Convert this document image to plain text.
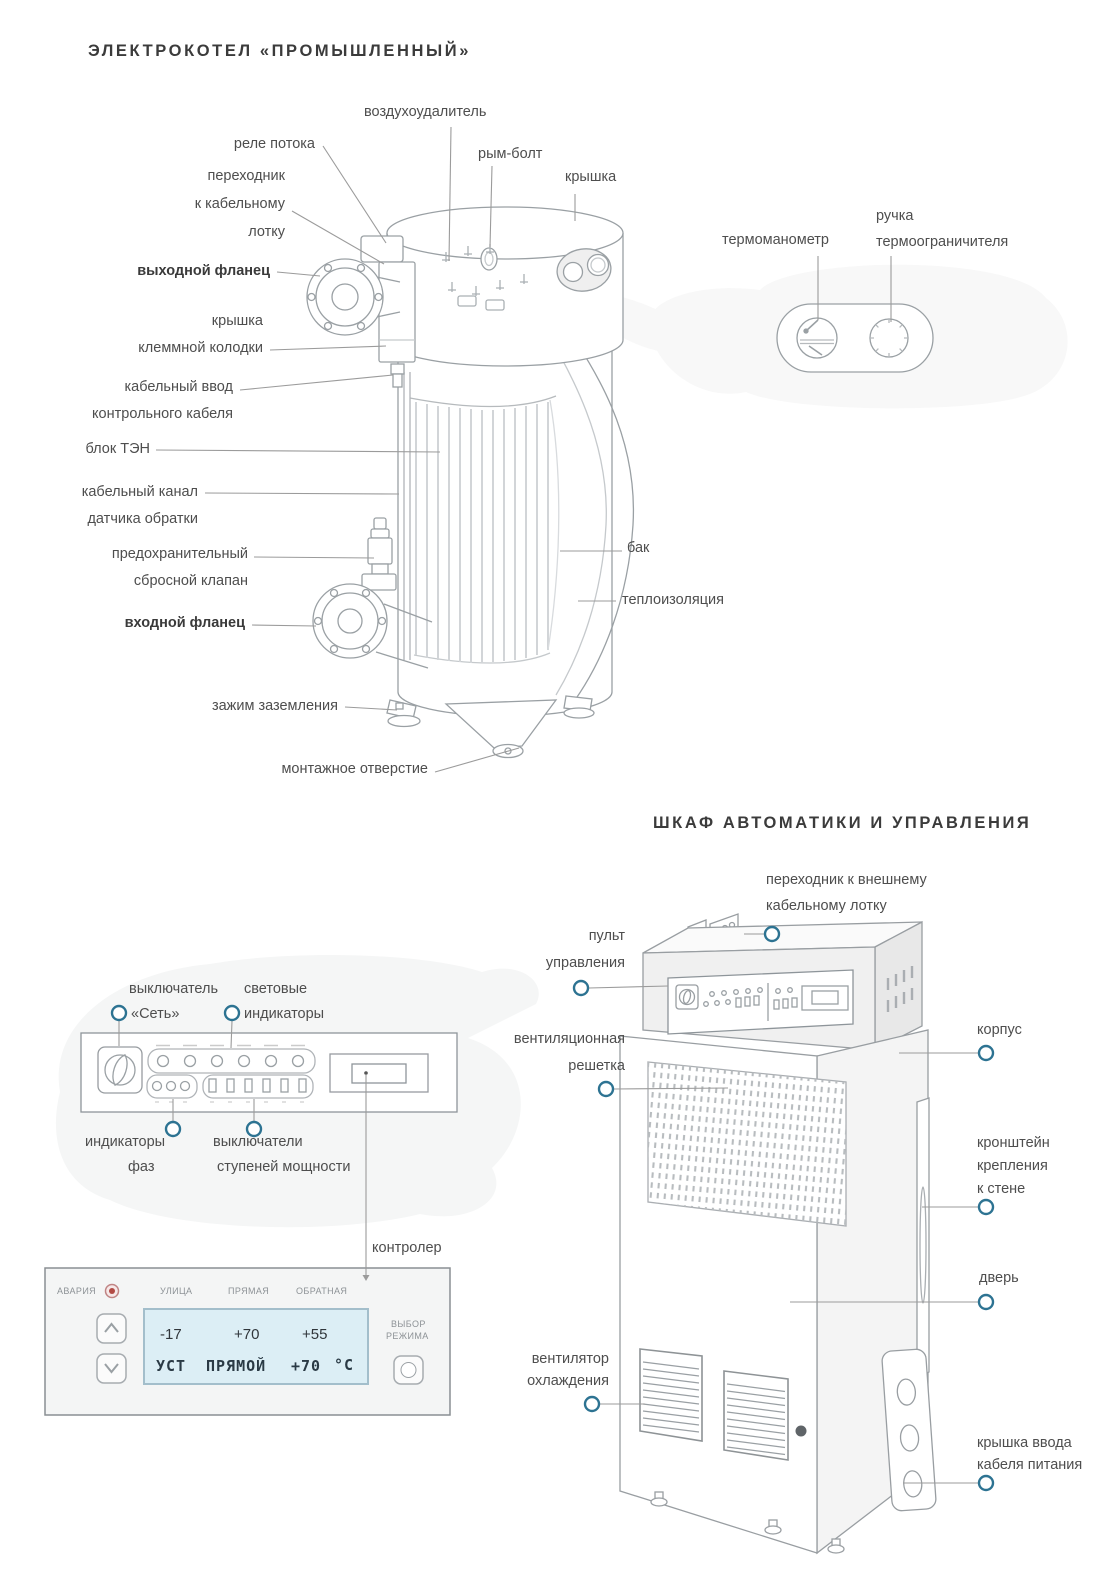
ЭЛЕКТРОКОТЕЛ «ПРОМЫШЛЕННЫЙ»
воздухоудалитель
реле потока
переходник
к кабельному
лотку
выходной фланец
крышка
клеммной колодки
кабельный ввод
контрольного кабеля
блок ТЭН
кабельный канал
датчика обратки
предохранительный
сбросной клапан
входной фланец
зажим заземления
монтажное отверстие
рым-болт
крышка
бак
теплоизоляция
термоманометр
ручка
термоограничителя
ШКАФ АВТОМАТИКИ И УПРАВЛЕНИЯ
переходник к внешнему
кабельному лотку
пульт
управления
вентиляционная
решетка
корпус
кронштейн
крепления
к стене
дверь
вентилятор
охлаждения
крышка ввода
кабеля питания
выключатель
«Сеть»
световые
индикаторы
индикаторы
фаз
выключатели
ступеней мощности
контролер
АВАРИЯ	УЛИЦА	ПРЯМАЯ	ОБРАТНАЯ
-17	+70	+55
УСТ ПРЯМОЙ +70 °C
ВЫБОР
РЕЖИМА
